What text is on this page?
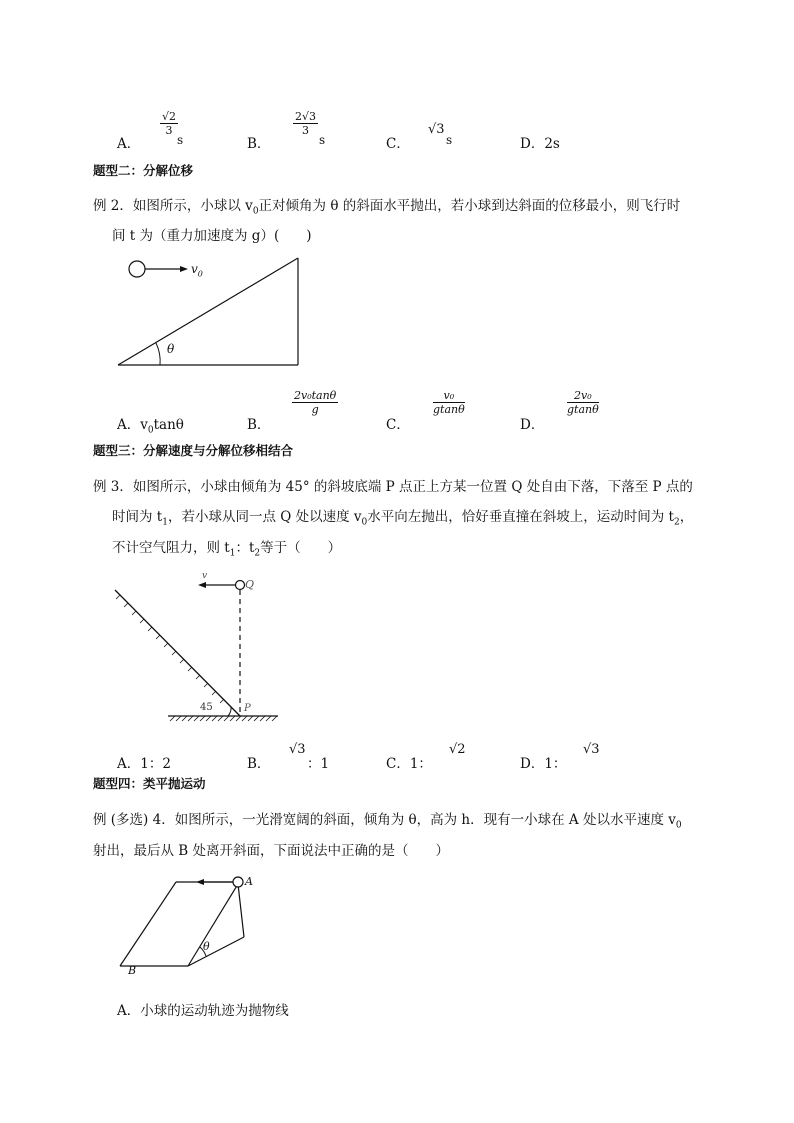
A．
√2
3
s	B．
2√3
3
s	C．
√3
s	D．2s
题型二：分解位移
例 2．如图所示，小球以 $v_0$正对倾角为 θ 的斜面水平抛出，若小球到达斜面的位移最小，则飞行时
间 t 为（重力加速度为 g）(　　)
$v_0$
θ
A．$v_0\tan\theta$	B．
2v₀tanθ
g
C．
v₀
gtanθ
D．
2v₀
gtanθ
题型三：分解速度与分解位移相结合
例 3．如图所示，小球由倾角为 45° 的斜坡底端 P 点正上方某一位置 Q 处自由下落，下落至 P 点的
时间为 $t_1$，若小球从同一点 Q 处以速度 $v_0$水平向左抛出，恰好垂直撞在斜坡上，运动时间为 $t_2$，
不计空气阻力，则 $t_1$：$t_2$等于（　　）
v
Q
P
45
A．1：2	B．
√3
：1	C．1：
√2
D．1：
√3
题型四：类平抛运动
例 (多选) 4．如图所示，一光滑宽阔的斜面，倾角为 θ，高为 h．现有一小球在 A 处以水平速度 $v_0$
射出，最后从 B 处离开斜面，下面说法中正确的是（　　）
A
B
θ
A．小球的运动轨迹为抛物线
